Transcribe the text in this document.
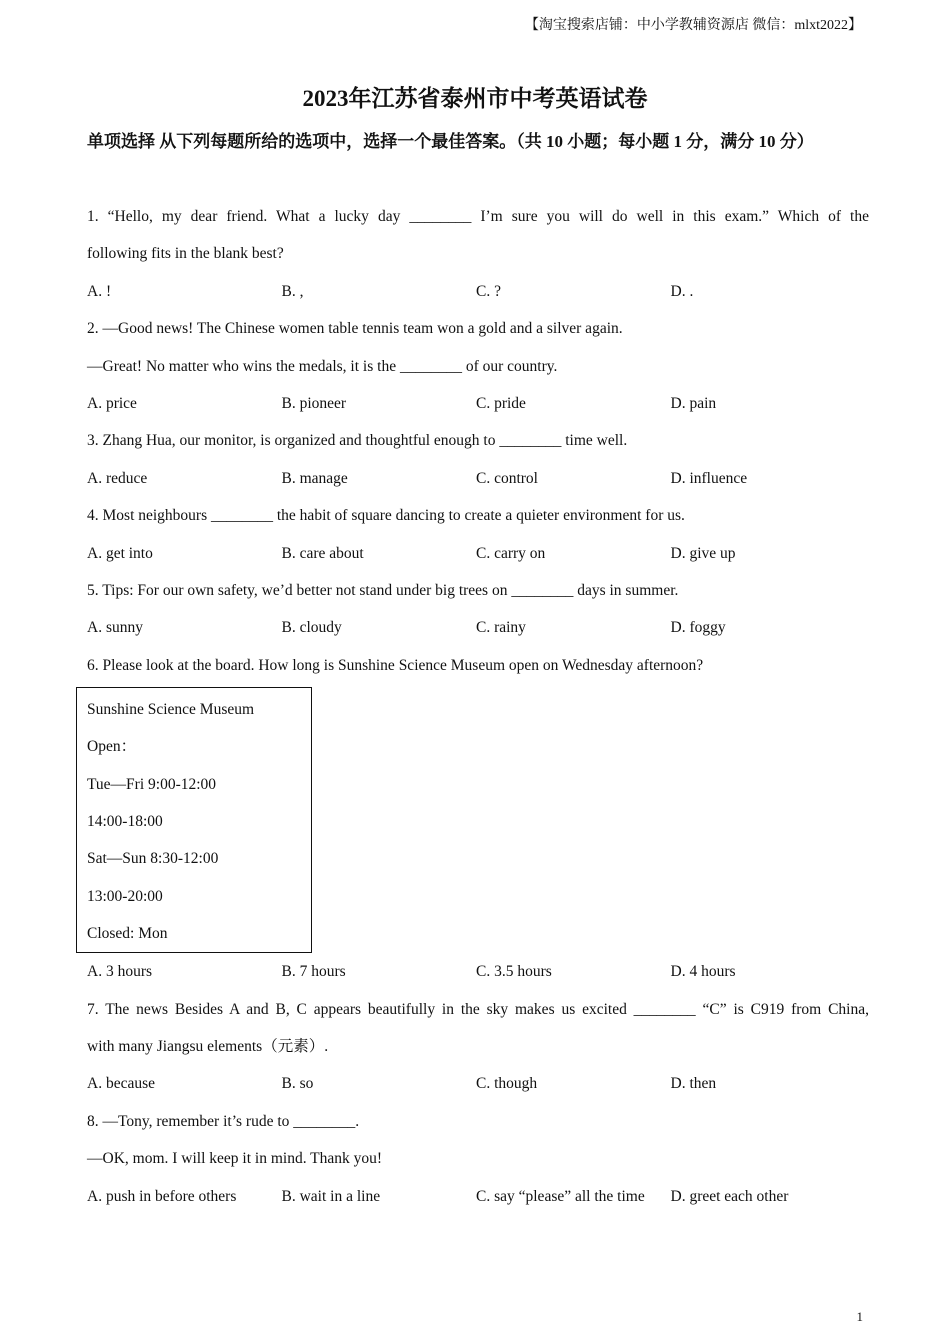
【淘宝搜索店铺：中小学教辅资源店 微信：mlxt2022】
2023年江苏省泰州市中考英语试卷
单项选择 从下列每题所给的选项中，选择一个最佳答案。（共 10 小题；每小题 1 分，满分 10 分）
1. “Hello, my dear friend. What a lucky day ________ I’m sure you will do well in this exam.” Which of the
following fits in the blank best?
A. !	B. ,	C. ?	D. .
2. —Good news! The Chinese women table tennis team won a gold and a silver again.
—Great! No matter who wins the medals, it is the ________ of our country.
A. price	B. pioneer	C. pride	D. pain
3. Zhang Hua, our monitor, is organized and thoughtful enough to ________ time well.
A. reduce	B. manage	C. control	D. influence
4. Most neighbours ________ the habit of square dancing to create a quieter environment for us.
A. get into	B. care about	C. carry on	D. give up
5. Tips: For our own safety, we’d better not stand under big trees on ________ days in summer.
A. sunny	B. cloudy	C. rainy	D. foggy
6. Please look at the board. How long is Sunshine Science Museum open on Wednesday afternoon?
Sunshine Science Museum
Open：
Tue—Fri 9:00-12:00
14:00-18:00
Sat—Sun 8:30-12:00
13:00-20:00
Closed: Mon
A. 3 hours	B. 7 hours	C. 3.5 hours	D. 4 hours
7. The news Besides A and B, C appears beautifully in the sky makes us excited ________ “C” is C919 from China,
with many Jiangsu elements（元素）.
A. because	B. so	C. though	D. then
8. —Tony, remember it’s rude to ________.
—OK, mom. I will keep it in mind. Thank you!
A. push in before others	B. wait in a line	C. say “please” all the time	D. greet each other
1
